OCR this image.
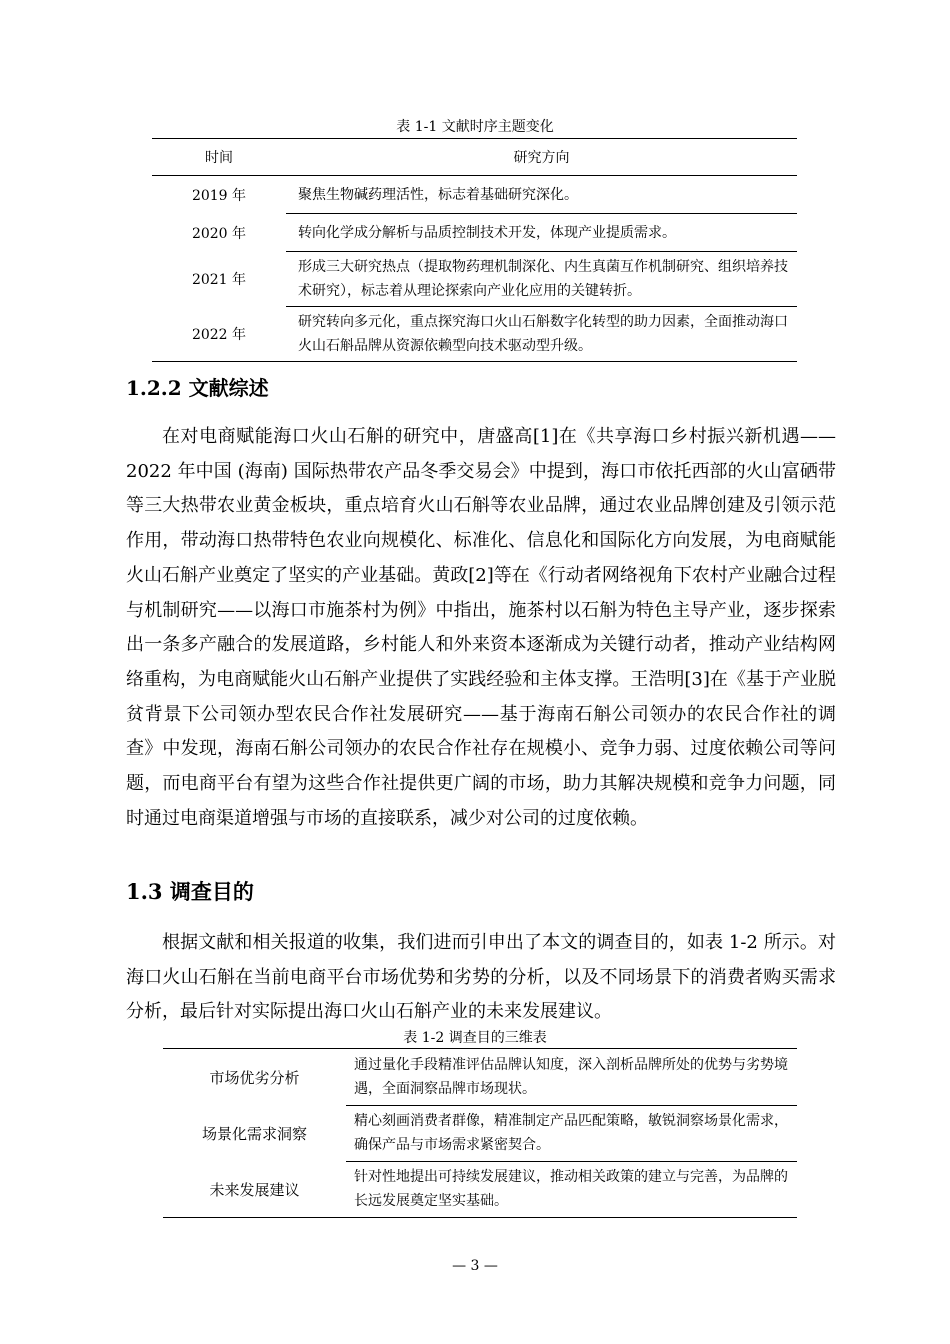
表 1-1 文献时序主题变化
时间	研究方向
2019 年	聚焦生物碱药理活性，标志着基础研究深化。
2020 年	转向化学成分解析与品质控制技术开发，体现产业提质需求。
2021 年	形成三大研究热点（提取物药理机制深化、内生真菌互作机制研究、组织培养技术研究），标志着从理论探索向产业化应用的关键转折。
2022 年	研究转向多元化，重点探究海口火山石斛数字化转型的助力因素，全面推动海口火山石斛品牌从资源依赖型向技术驱动型升级。
1.2.2 文献综述

在对电商赋能海口火山石斛的研究中，唐盛高[1]在《共享海口乡村振兴新机遇——2022 年中国 (海南) 国际热带农产品冬季交易会》中提到，海口市依托西部的火山富硒带等三大热带农业黄金板块，重点培育火山石斛等农业品牌，通过农业品牌创建及引领示范作用，带动海口热带特色农业向规模化、标准化、信息化和国际化方向发展，为电商赋能火山石斛产业奠定了坚实的产业基础。黄政[2]等在《行动者网络视角下农村产业融合过程与机制研究——以海口市施茶村为例》中指出，施茶村以石斛为特色主导产业，逐步探索出一条多产融合的发展道路，乡村能人和外来资本逐渐成为关键行动者，推动产业结构网络重构，为电商赋能火山石斛产业提供了实践经验和主体支撑。王浩明[3]在《基于产业脱贫背景下公司领办型农民合作社发展研究——基于海南石斛公司领办的农民合作社的调查》中发现，海南石斛公司领办的农民合作社存在规模小、竞争力弱、过度依赖公司等问题，而电商平台有望为这些合作社提供更广阔的市场，助力其解决规模和竞争力问题，同时通过电商渠道增强与市场的直接联系，减少对公司的过度依赖。

1.3 调查目的

根据文献和相关报道的收集，我们进而引申出了本文的调查目的，如表 1-2 所示。对海口火山石斛在当前电商平台市场优势和劣势的分析，以及不同场景下的消费者购买需求分析，最后针对实际提出海口火山石斛产业的未来发展建议。

表 1-2 调查目的三维表
市场优劣分析	通过量化手段精准评估品牌认知度，深入剖析品牌所处的优势与劣势境遇，全面洞察品牌市场现状。
场景化需求洞察	精心刻画消费者群像，精准制定产品匹配策略，敏锐洞察场景化需求，确保产品与市场需求紧密契合。
未来发展建议	针对性地提出可持续发展建议，推动相关政策的建立与完善，为品牌的长远发展奠定坚实基础。
— 3 —
